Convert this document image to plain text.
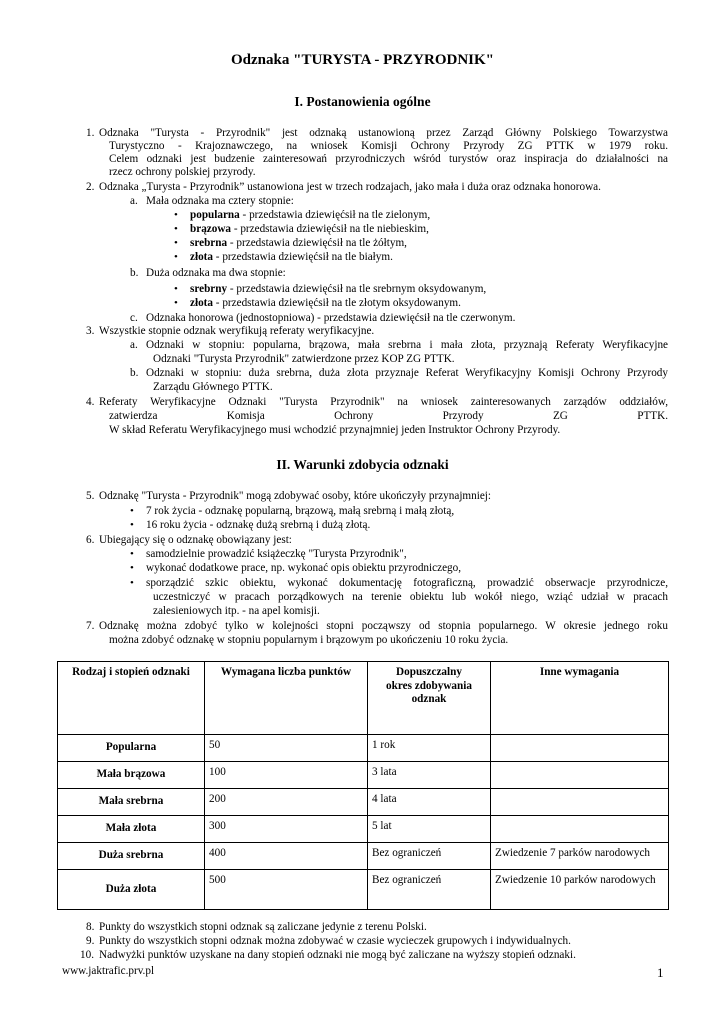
Odznaka "TURYSTA - PRZYRODNIK"
I. Postanowienia ogólne
1. Odznaka "Turysta - Przyrodnik" jest odznaką ustanowioną przez Zarząd Główny Polskiego Towarzystwa
Turystyczno - Krajoznawczego, na wniosek Komisji Ochrony Przyrody ZG PTTK w 1979 roku.
Celem odznaki jest budzenie zainteresowań przyrodniczych wśród turystów oraz inspiracja do działalności na
rzecz ochrony polskiej przyrody.
2. Odznaka „Turysta - Przyrodnik” ustanowiona jest w trzech rodzajach, jako mała i duża oraz odznaka honorowa.
a. Mała odznaka ma cztery stopnie:
• popularna - przedstawia dziewięćsił na tle zielonym,
• brązowa - przedstawia dziewięćsił na tle niebieskim,
• srebrna - przedstawia dziewięćsił na tle żółtym,
• złota - przedstawia dziewięćsił na tle białym.
b. Duża odznaka ma dwa stopnie:
• srebrny - przedstawia dziewięćsił na tle srebrnym oksydowanym,
• złota - przedstawia dziewięćsił na tle złotym oksydowanym.
c. Odznaka honorowa (jednostopniowa) - przedstawia dziewięćsił na tle czerwonym.
3. Wszystkie stopnie odznak weryfikują referaty weryfikacyjne.
a. Odznaki w stopniu: popularna, brązowa, mała srebrna i mała złota, przyznają Referaty Weryfikacyjne
Odznaki "Turysta Przyrodnik" zatwierdzone przez KOP ZG PTTK.
b. Odznaki w stopniu: duża srebrna, duża złota przyznaje Referat Weryfikacyjny Komisji Ochrony Przyrody
Zarządu Głównego PTTK.
4. Referaty Weryfikacyjne Odznaki "Turysta Przyrodnik" na wniosek zainteresowanych zarządów oddziałów,
zatwierdza Komisja Ochrony Przyrody ZG PTTK.
W skład Referatu Weryfikacyjnego musi wchodzić przynajmniej jeden Instruktor Ochrony Przyrody.
II. Warunki zdobycia odznaki
5. Odznakę "Turysta - Przyrodnik" mogą zdobywać osoby, które ukończyły przynajmniej:
• 7 rok życia - odznakę popularną, brązową, małą srebrną i małą złotą,
• 16 roku życia - odznakę dużą srebrną i dużą złotą.
6. Ubiegający się o odznakę obowiązany jest:
• samodzielnie prowadzić książeczkę "Turysta Przyrodnik",
• wykonać dodatkowe prace, np. wykonać opis obiektu przyrodniczego,
• sporządzić szkic obiektu, wykonać dokumentację fotograficzną, prowadzić obserwacje przyrodnicze,
uczestniczyć w pracach porządkowych na terenie obiektu lub wokół niego, wziąć udział w pracach
zalesieniowych itp. - na apel komisji.
7. Odznakę można zdobyć tylko w kolejności stopni począwszy od stopnia popularnego. W okresie jednego roku
można zdobyć odznakę w stopniu popularnym i brązowym po ukończeniu 10 roku życia.
Rodzaj i stopień odznaki	Wymagana liczba punktów	Dopuszczalny okres zdobywania odznak	Inne wymagania
Popularna	50	1 rok	
Mała brązowa	100	3 lata	
Mała srebrna	200	4 lata	
Mała złota	300	5 lat	
Duża srebrna	400	Bez ograniczeń	Zwiedzenie 7 parków narodowych
Duża złota	500	Bez ograniczeń	Zwiedzenie 10 parków narodowych
8. Punkty do wszystkich stopni odznak są zaliczane jedynie z terenu Polski.
9. Punkty do wszystkich stopni odznak można zdobywać w czasie wycieczek grupowych i indywidualnych.
10. Nadwyżki punktów uzyskane na dany stopień odznaki nie mogą być zaliczane na wyższy stopień odznaki.
www.jaktrafic.prv.pl	1
